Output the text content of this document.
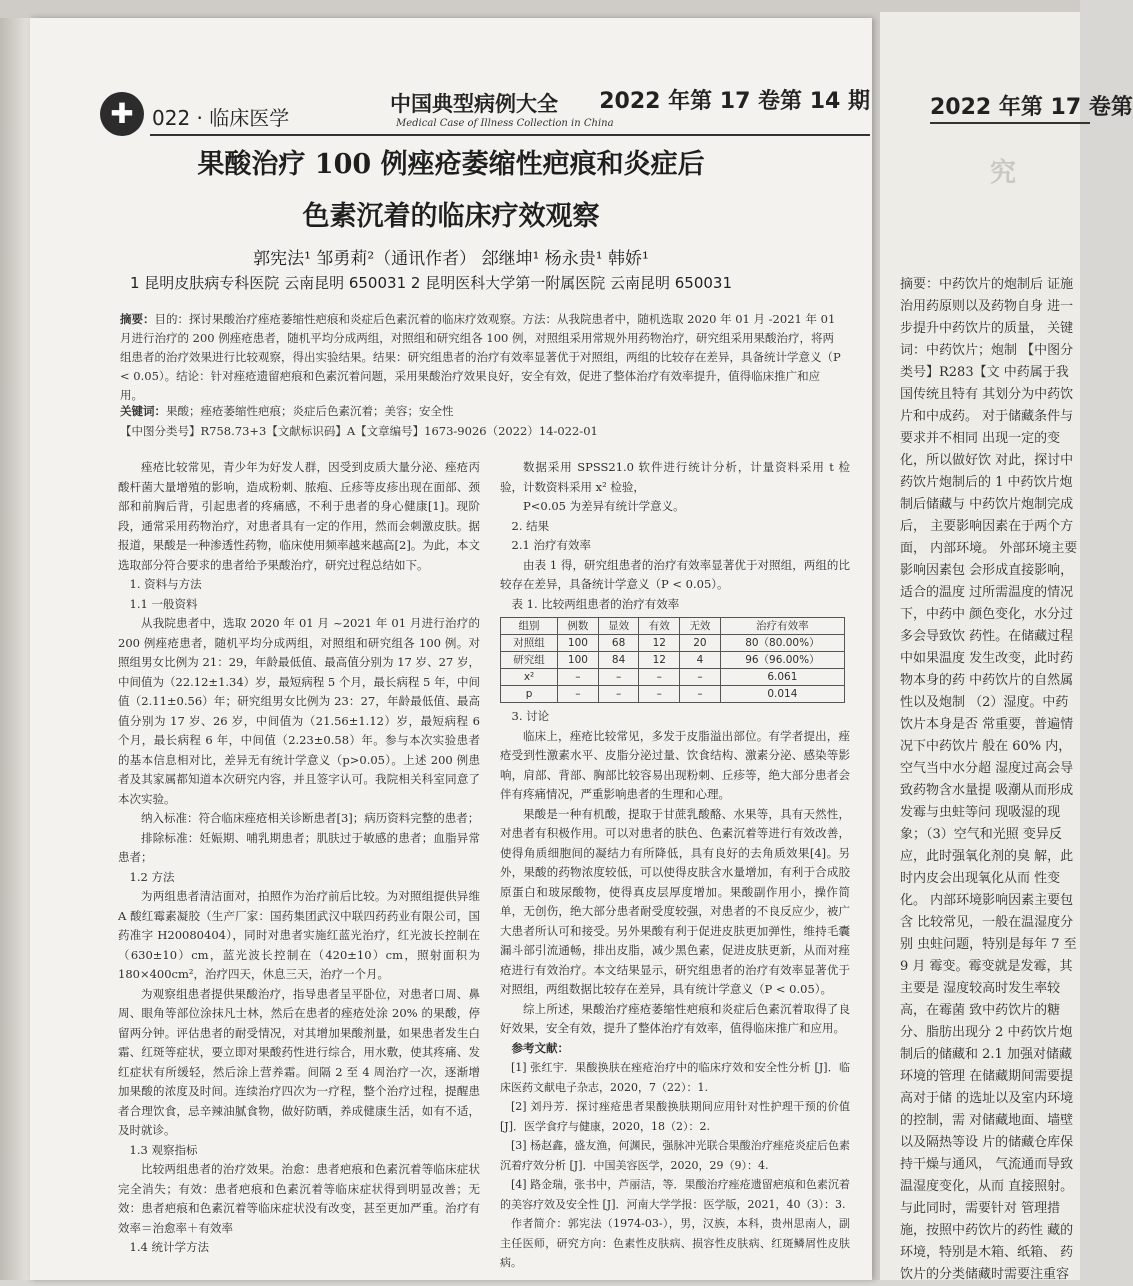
✚ 022 · 临床医学
中国典型病例大全
Medical Case of Illness Collection in China
2022 年第 17 卷第 14 期
果酸治疗 100 例痤疮萎缩性疤痕和炎症后
色素沉着的临床疗效观察
郭宪法¹ 邹勇莉²（通讯作者） 郐继坤¹ 杨永贵¹ 韩娇¹
1 昆明皮肤病专科医院 云南昆明 650031 2 昆明医科大学第一附属医院 云南昆明 650031
摘要：目的：探讨果酸治疗痤疮萎缩性疤痕和炎症后色素沉着的临床疗效观察。方法：从我院患者中，随机选取 2020 年 01 月 -2021 年 01 月进行治疗的 200 例痤疮患者，随机平均分成两组，对照组和研究组各 100 例，对照组采用常规外用药物治疗，研究组采用果酸治疗，将两组患者的治疗效果进行比较观察，得出实验结果。结果：研究组患者的治疗有效率显著优于对照组，两组的比较存在差异，具备统计学意义（P < 0.05）。结论：针对痤疮遗留疤痕和色素沉着问题，采用果酸治疗效果良好，安全有效，促进了整体治疗有效率提升，值得临床推广和应用。
关键词：果酸；痤疮萎缩性疤痕；炎症后色素沉着；美容；安全性
【中图分类号】R758.73+3【文献标识码】A【文章编号】1673-9026（2022）14-022-01

痤疮比较常见，青少年为好发人群，因受到皮质大量分泌、痤疮丙酸杆菌大量增殖的影响，造成粉刺、脓疱、丘疹等皮疹出现在面部、颈部和前胸后背，引起患者的疼痛感，不利于患者的身心健康[1]。现阶段，通常采用药物治疗，对患者具有一定的作用，然而会刺激皮肤。据报道，果酸是一种渗透性药物，临床使用频率越来越高[2]。为此，本文选取部分符合要求的患者给予果酸治疗，研究过程总结如下。

1. 资料与方法

1.1 一般资料

从我院患者中，选取 2020 年 01 月 ~2021 年 01 月进行治疗的 200 例痤疮患者，随机平均分成两组，对照组和研究组各 100 例。对照组男女比例为 21：29，年龄最低值、最高值分别为 17 岁、27 岁，中间值为（22.12±1.34）岁，最短病程 5 个月，最长病程 5 年，中间值（2.11±0.56）年；研究组男女比例为 23：27，年龄最低值、最高值分别为 17 岁、26 岁，中间值为（21.56±1.12）岁，最短病程 6 个月，最长病程 6 年，中间值（2.23±0.58）年。参与本次实验患者的基本信息相对比，差异无有统计学意义（p>0.05）。上述 200 例患者及其家属都知道本次研究内容，并且签字认可。我院相关科室同意了本次实验。

纳入标准：符合临床痤疮相关诊断患者[3]；病历资料完整的患者；

排除标准：妊娠期、哺乳期患者；肌肤过于敏感的患者；血脂异常患者；

1.2 方法

为两组患者清洁面对，拍照作为治疗前后比较。为对照组提供异维 A 酸红霉素凝胶（生产厂家：国药集团武汉中联四药药业有限公司，国药准字 H20080404），同时对患者实施红蓝光治疗，红光波长控制在（630±10）cm，蓝光波长控制在（420±10）cm，照射面积为 180×400cm²，治疗四天，休息三天，治疗一个月。

为观察组患者提供果酸治疗，指导患者呈平卧位，对患者口周、鼻周、眼角等部位涂抹凡士林，然后在患者的痤疮处涂 20% 的果酸，停留两分钟。评估患者的耐受情况，对其增加果酸剂量，如果患者发生白霜、红斑等症状，要立即对果酸药性进行综合，用水敷，使其疼痛、发红症状有所缓轻，然后涂上营养霜。间隔 2 至 4 周治疗一次，逐渐增加果酸的浓度及时间。连续治疗四次为一疗程，整个治疗过程，提醒患者合理饮食，忌辛辣油腻食物，做好防晒，养成健康生活，如有不适，及时就诊。

1.3 观察指标

比较两组患者的治疗效果。治愈：患者疤痕和色素沉着等临床症状完全消失；有效：患者疤痕和色素沉着等临床症状得到明显改善；无效：患者疤痕和色素沉着等临床症状没有改变，甚至更加严重。治疗有效率＝治愈率＋有效率

1.4 统计学方法

数据采用 SPSS21.0 软件进行统计分析，计量资料采用 t 检验，计数资料采用 x² 检验，

P<0.05 为差异有统计学意义。

2. 结果

2.1 治疗有效率

由表 1 得，研究组患者的治疗有效率显著优于对照组，两组的比较存在差异，具备统计学意义（P < 0.05）。

表 1. 比较两组患者的治疗有效率

组别	例数	显效	有效	无效	治疗有效率
对照组	100	68	12	20	80（80.00%）
研究组	100	84	12	4	96（96.00%）
x²	–	–	–	–	6.061
p	–	–	–	–	0.014

3. 讨论

临床上，痤疮比较常见，多发于皮脂溢出部位。有学者提出，痤疮受到性激素水平、皮脂分泌过量、饮食结构、激素分泌、感染等影响，肩部、背部、胸部比较容易出现粉刺、丘疹等，绝大部分患者会伴有疼痛情况，严重影响患者的生理和心理。

果酸是一种有机酸，提取于甘蔗乳酸酪、水果等，具有天然性，对患者有积极作用。可以对患者的肤色、色素沉着等进行有效改善，使得角质细胞间的凝结力有所降低，具有良好的去角质效果[4]。另外，果酸的药物浓度较低，可以使得皮肤含水量增加，有利于合成胶原蛋白和玻尿酸物，使得真皮层厚度增加。果酸副作用小，操作简单，无创伤，绝大部分患者耐受度较强，对患者的不良反应少，被广大患者所认可和接受。另外果酸有利于促进皮肤更加弹性，维持毛囊漏斗部引流通畅，排出皮脂，减少黑色素，促进皮肤更新，从而对痤疮进行有效治疗。本文结果显示，研究组患者的治疗有效率显著优于对照组，两组数据比较存在差异，具有统计学意义（P < 0.05）。

综上所述，果酸治疗痤疮萎缩性疤痕和炎症后色素沉着取得了良好效果，安全有效，提升了整体治疗有效率，值得临床推广和应用。

参考文献：

[1] 张红宇．果酸换肤在痤疮治疗中的临床疗效和安全性分析 [J]．临床医药文献电子杂志，2020，7（22）：1.

[2] 刘丹芳．探讨痤疮患者果酸换肤期间应用针对性护理干预的价值 [J]．医学食疗与健康，2020，18（2）：2.

[3] 杨赵鑫，盛友渔，何渊民，强脉冲光联合果酸治疗痤疮炎症后色素沉着疗效分析 [J]．中国美容医学，2020，29（9）：4.

[4] 路金瑞，张书中，芦丽洁，等．果酸治疗痤疮遗留疤痕和色素沉着的美容疗效及安全性 [J]．河南大学学报：医学版，2021，40（3）：3.

作者简介：郭宪法（1974-03-），男，汉族，本科，贵州思南人，副主任医师，研究方向：色素性皮肤病、损容性皮肤病、红斑鳞屑性皮肤病。

2022 年第 17 卷第
究
摘要：中药饮片的炮制后 证施治用药原则以及药物自身 进一步提升中药饮片的质量， 关键词：中药饮片；炮制 【中图分类号】R283【文 中药属于我国传统且特有 其划分为中药饮片和中成药。 对于储藏条件与要求并不相同 出现一定的变化，所以做好饮 对此，探讨中药饮片炮制后的 1 中药饮片炮制后储藏与 中药饮片炮制完成后， 主要影响因素在于两个方面， 内部环境。 外部环境主要影响因素包 会形成直接影响，适合的温度 过所需温度的情况下，中药中 颜色变化，水分过多会导致饮 药性。在储藏过程中如果温度 发生改变，此时药物本身的药 中药饮片的自然属性以及炮制 （2）湿度。中药饮片本身是否 常重要，普遍情况下中药饮片 般在 60% 内，空气当中水分超 湿度过高会导致药物含水量提 吸潮从而形成发霉与虫蛀等问 现吸湿的现象；（3）空气和光照 变异反应，此时强氧化剂的臭 解，此时内皮会出现氧化从而 性变化。 内部环境影响因素主要包含 比较常见，一般在温湿度分别 虫蛀问题，特别是每年 7 至 9 月 霉变。霉变就是发霉，其主要是 湿度较高时发生率较高，在霉菌 致中药饮片的糖分、脂肪出现分 2 中药饮片炮制后的储藏和 2.1 加强对储藏环境的管理 在储藏期间需要提高对于储 的选址以及室内环境的控制，需 对储藏地面、墙壁以及隔热等设 片的储藏仓库保持干燥与通风， 气流通而导致温湿度变化，从而 直接照射。与此同时，需要针对 管理措施，按照中药饮片的药性 藏的环境，特别是木箱、纸箱、 药饮片的分类储藏时需要注重容
